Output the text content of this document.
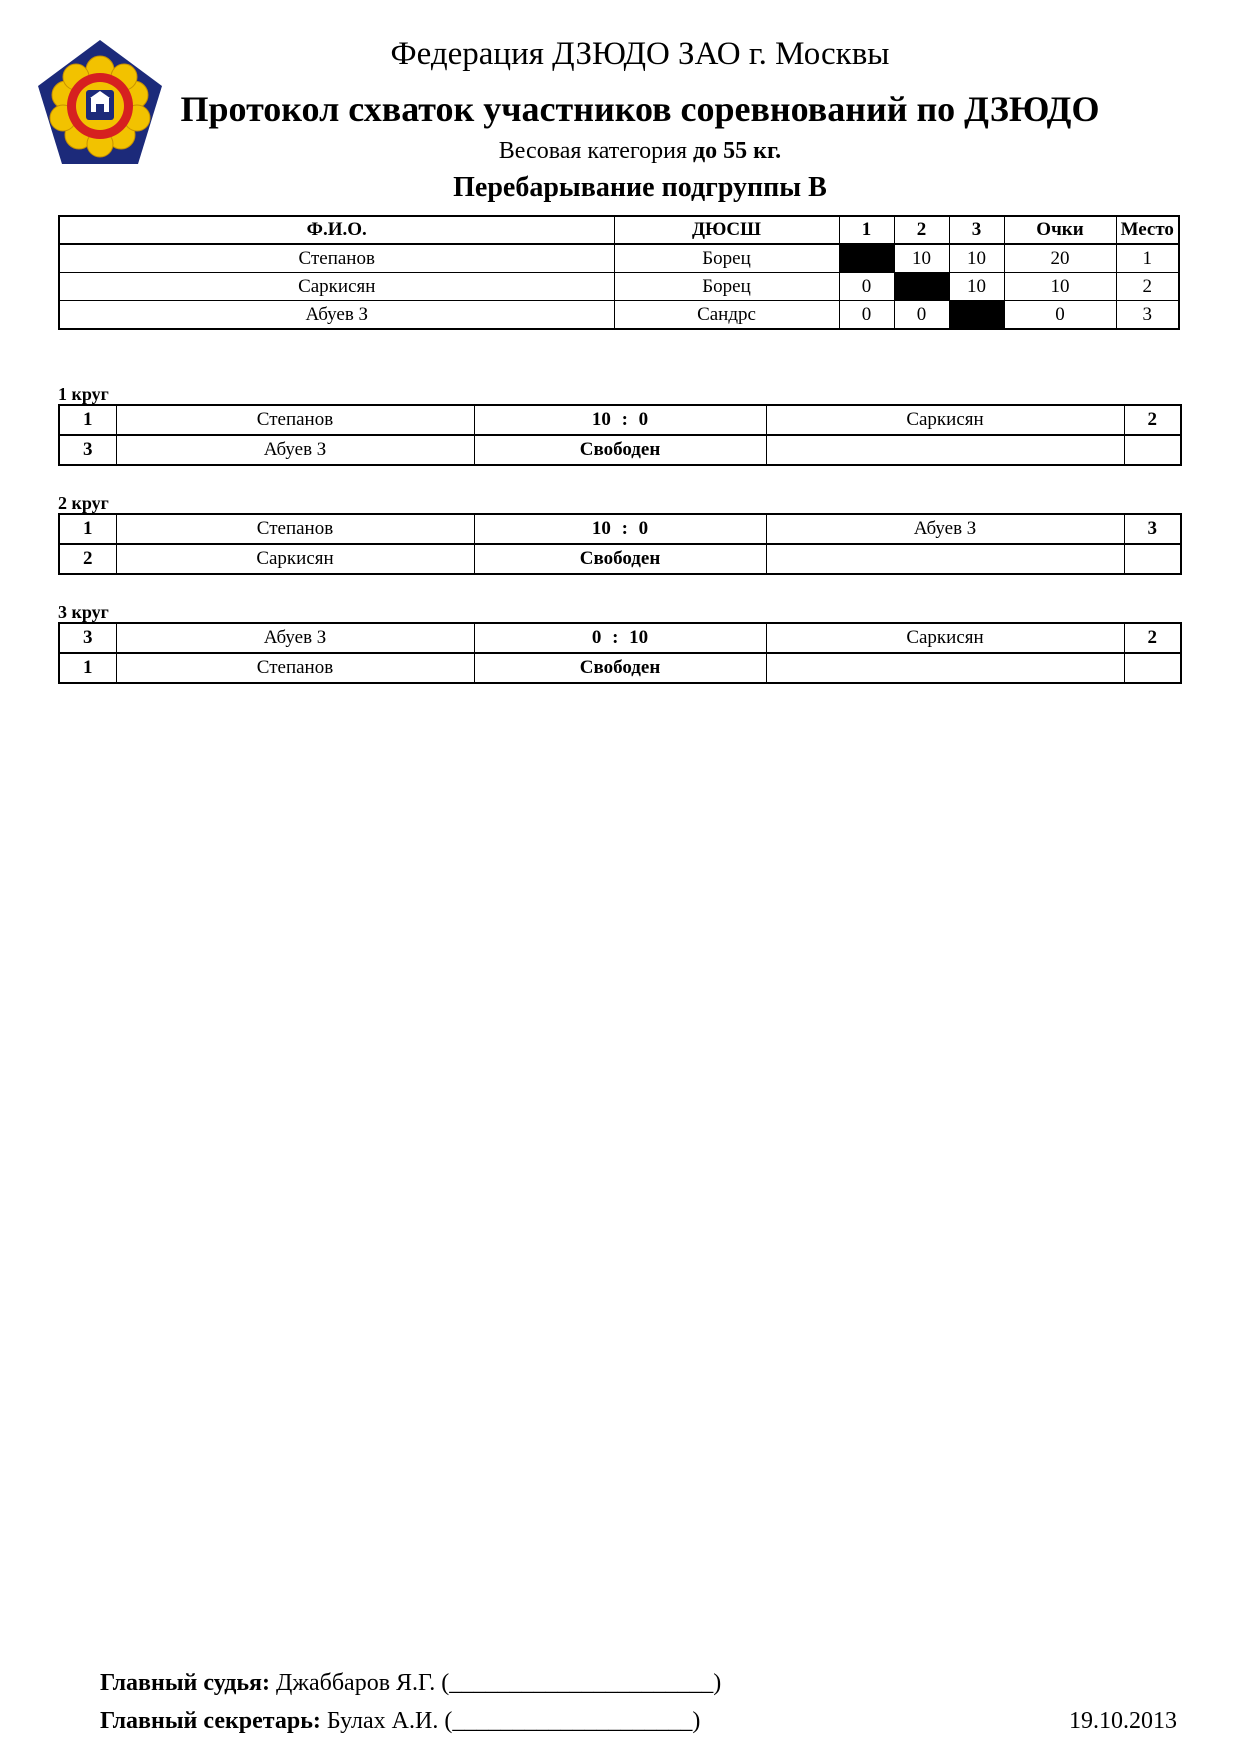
Федерация ДЗЮДО ЗАО г. Москвы
Протокол схваток участников соревнований по ДЗЮДО
Весовая категория до 55 кг.
Перебарывание подгруппы B
Ф.И.О.	ДЮСШ	1	2	3	Очки	Место
Степанов	Борец		10	10	20	1
Саркисян	Борец	0		10	10	2
Абуев З	Сандрс	0	0		0	3
1 круг
1	Степанов	10 : 0	Саркисян	2
3	Абуев З	Свободен		
2 круг
1	Степанов	10 : 0	Абуев З	3
2	Саркисян	Свободен		
3 круг
3	Абуев З	0 : 10	Саркисян	2
1	Степанов	Свободен		
Главный судья: Джаббаров Я.Г. (______________________)
Главный секретарь: Булах А.И. (____________________)	19.10.2013
